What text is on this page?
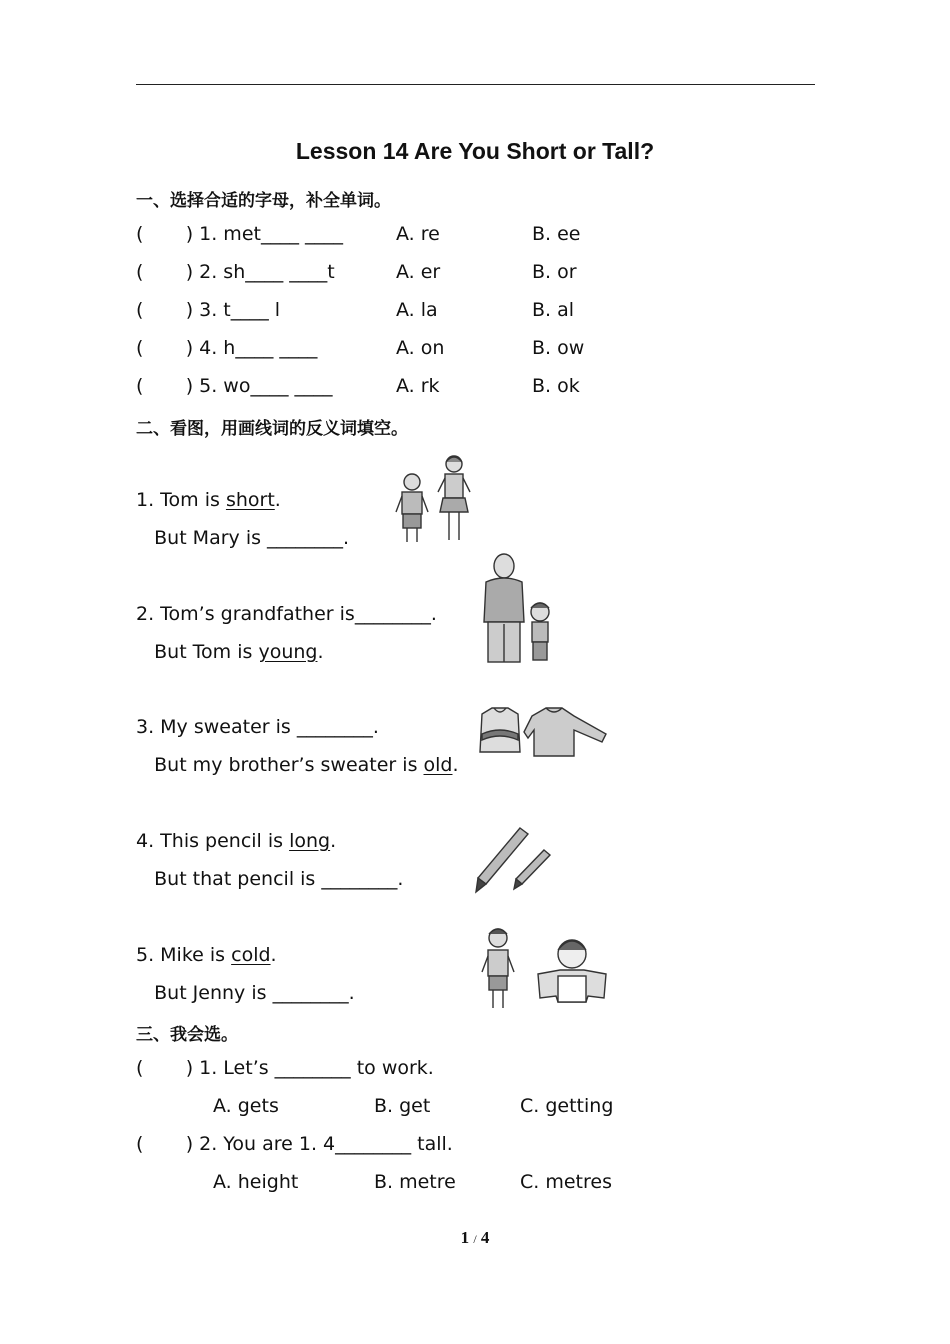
Lesson 14 Are You Short or Tall?
一、选择合适的字母，补全单词。
(       ) 1. met____ ____	A. re	B. ee
(       ) 2. sh____ ____t	A. er	B. or
(       ) 3. t____ l	A. la	B. al
(       ) 4. h____ ____	A. on	B. ow
(       ) 5. wo____ ____	A. rk	B. ok
二、看图，用画线词的反义词填空。
1. Tom is short.
But Mary is ________.
2. Tom’s grandfather is________.
But Tom is young.
3. My sweater is ________.
But my brother’s sweater is old.
4. This pencil is long.
But that pencil is ________.
5. Mike is cold.
But Jenny is ________.
三、我会选。
(       ) 1. Let’s ________ to work.
A. gets	B. get	C. getting
(       ) 2. You are 1. 4________ tall.
A. height	B. metre	C. metres
1 / 4
